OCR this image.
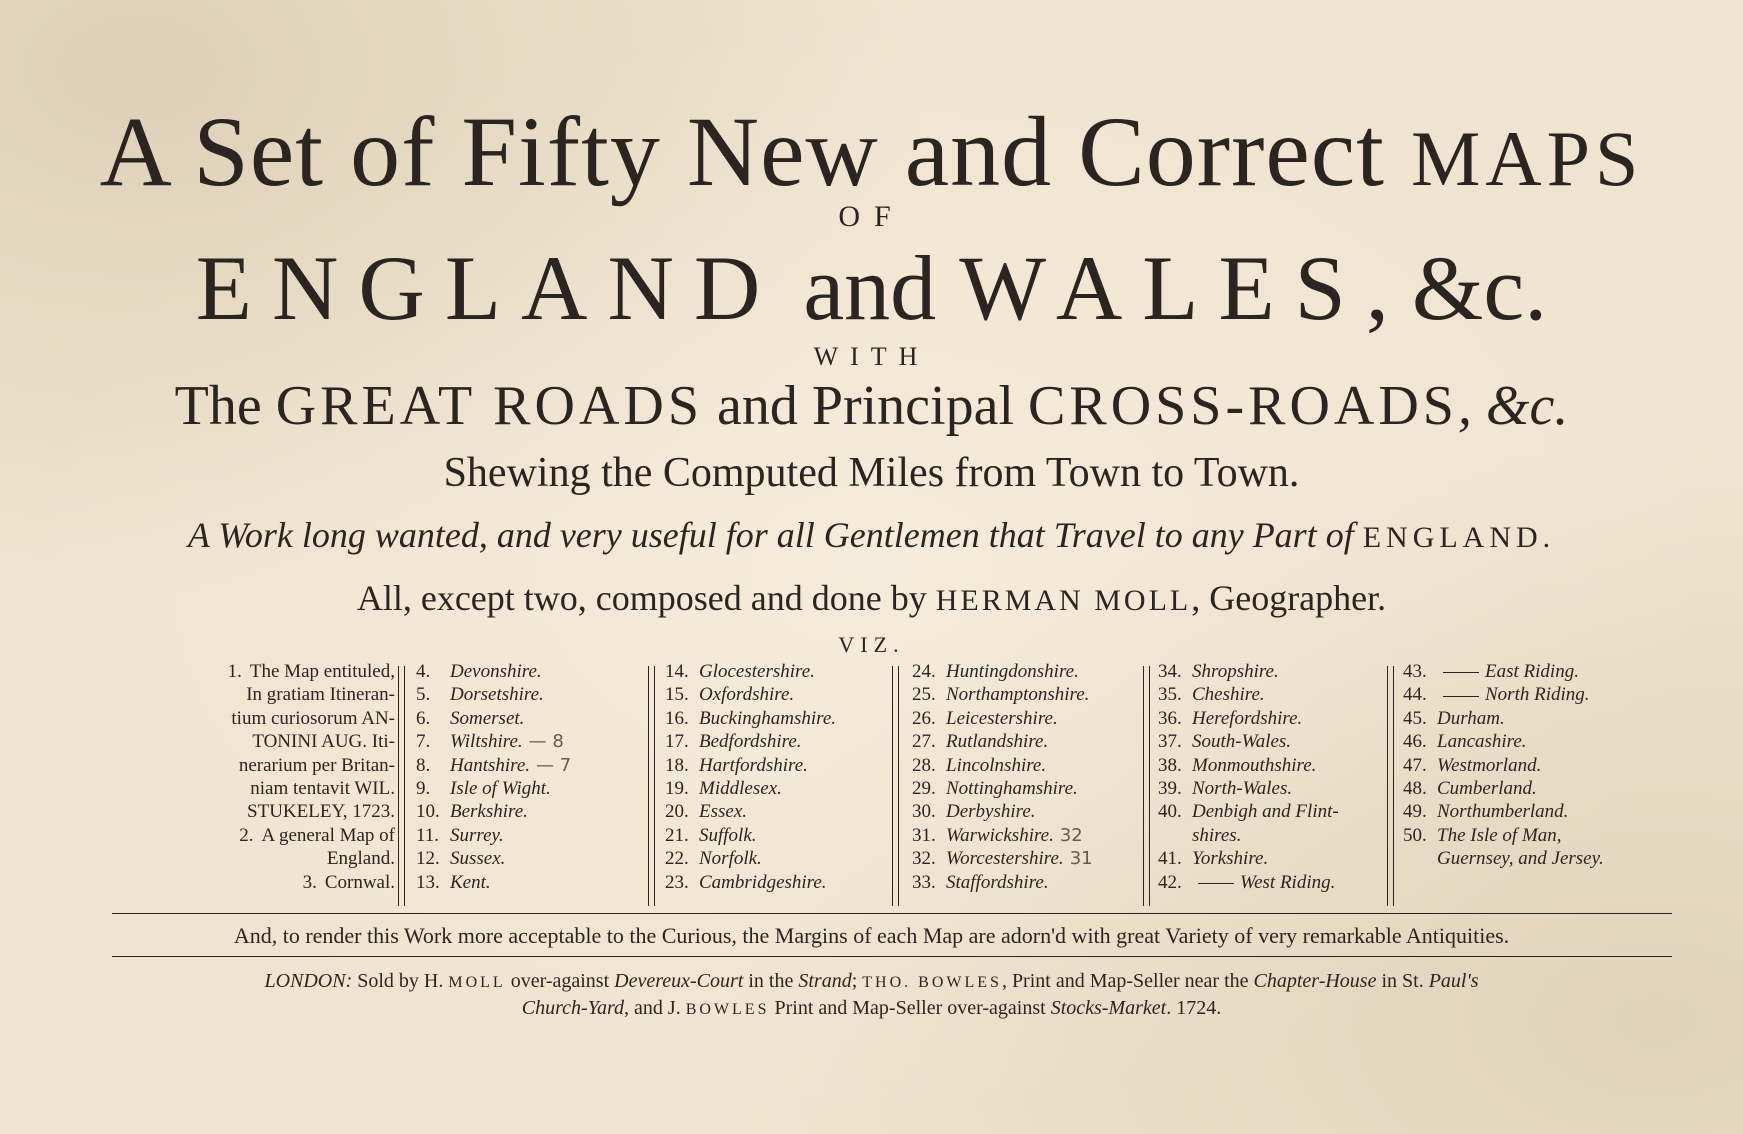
A Set of Fifty New and Correct MAPS
OF
ENGLAND and WALES, &c.
WITH
The GREAT ROADS and Principal CROSS-ROADS, &c.
Shewing the Computed Miles from Town to Town.
A Work long wanted, and very useful for all Gentlemen that Travel to any Part of ENGLAND.
All, except two, composed and done by HERMAN MOLL, Geographer.
VIZ.
1. The Map entituled,
In gratiam Itineran-
tium curiosorum AN-
TONINI AUG. Iti-
nerarium per Britan-
niam tentavit WIL.
STUKELEY, 1723.
2. A general Map of
England.
3. Cornwal.
4. Devonshire.
5. Dorsetshire.
6. Somerset.
7. Wiltshire. — 8
8. Hantshire. — 7
9. Isle of Wight.
10. Berkshire.
11. Surrey.
12. Sussex.
13. Kent.
14. Glocestershire.
15. Oxfordshire.
16. Buckinghamshire.
17. Bedfordshire.
18. Hartfordshire.
19. Middlesex.
20. Essex.
21. Suffolk.
22. Norfolk.
23. Cambridgeshire.
24. Huntingdonshire.
25. Northamptonshire.
26. Leicestershire.
27. Rutlandshire.
28. Lincolnshire.
29. Nottinghamshire.
30. Derbyshire.
31. Warwickshire. 32
32. Worcestershire. 31
33. Staffordshire.
34. Shropshire.
35. Cheshire.
36. Herefordshire.
37. South-Wales.
38. Monmouthshire.
39. North-Wales.
40. Denbigh and Flint-
shires.
41. Yorkshire.
42.	West Riding.
43.	East Riding.
44.	North Riding.
45. Durham.
46. Lancashire.
47. Westmorland.
48. Cumberland.
49. Northumberland.
50. The Isle of Man,
Guernsey, and Jersey.
And, to render this Work more acceptable to the Curious, the Margins of each Map are adorn'd with great Variety of very remarkable Antiquities.
LONDON: Sold by H. MOLL over-against Devereux-Court in the Strand; THO. BOWLES, Print and Map-Seller near the Chapter-House in St. Paul's
Church-Yard, and J. BOWLES Print and Map-Seller over-against Stocks-Market. 1724.
